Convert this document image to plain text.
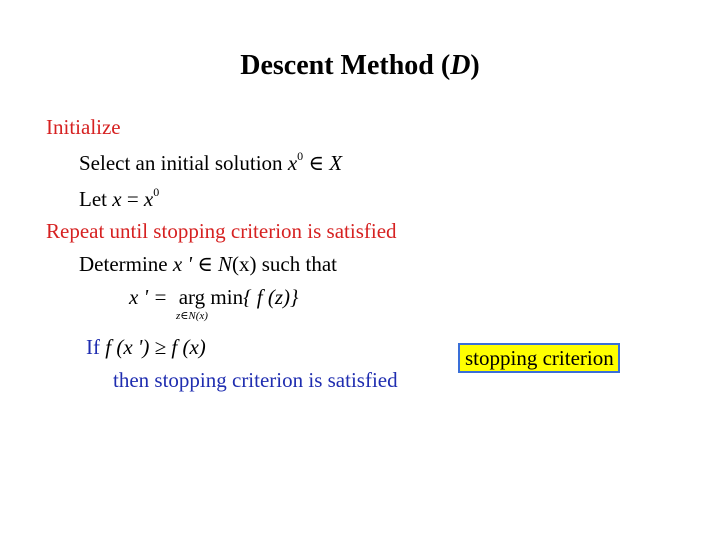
Descent Method (D)
Initialize
Select an initial solution $x^0$ ∈ X
Let $x = x^0$
Repeat until stopping criterion is satisfied
Determine x ' ∈ N(x) such that
x ' = arg min{ f (z)}
z∈N(x)
If f (x ') ≥ f (x)
then stopping criterion is satisfied
stopping criterion
